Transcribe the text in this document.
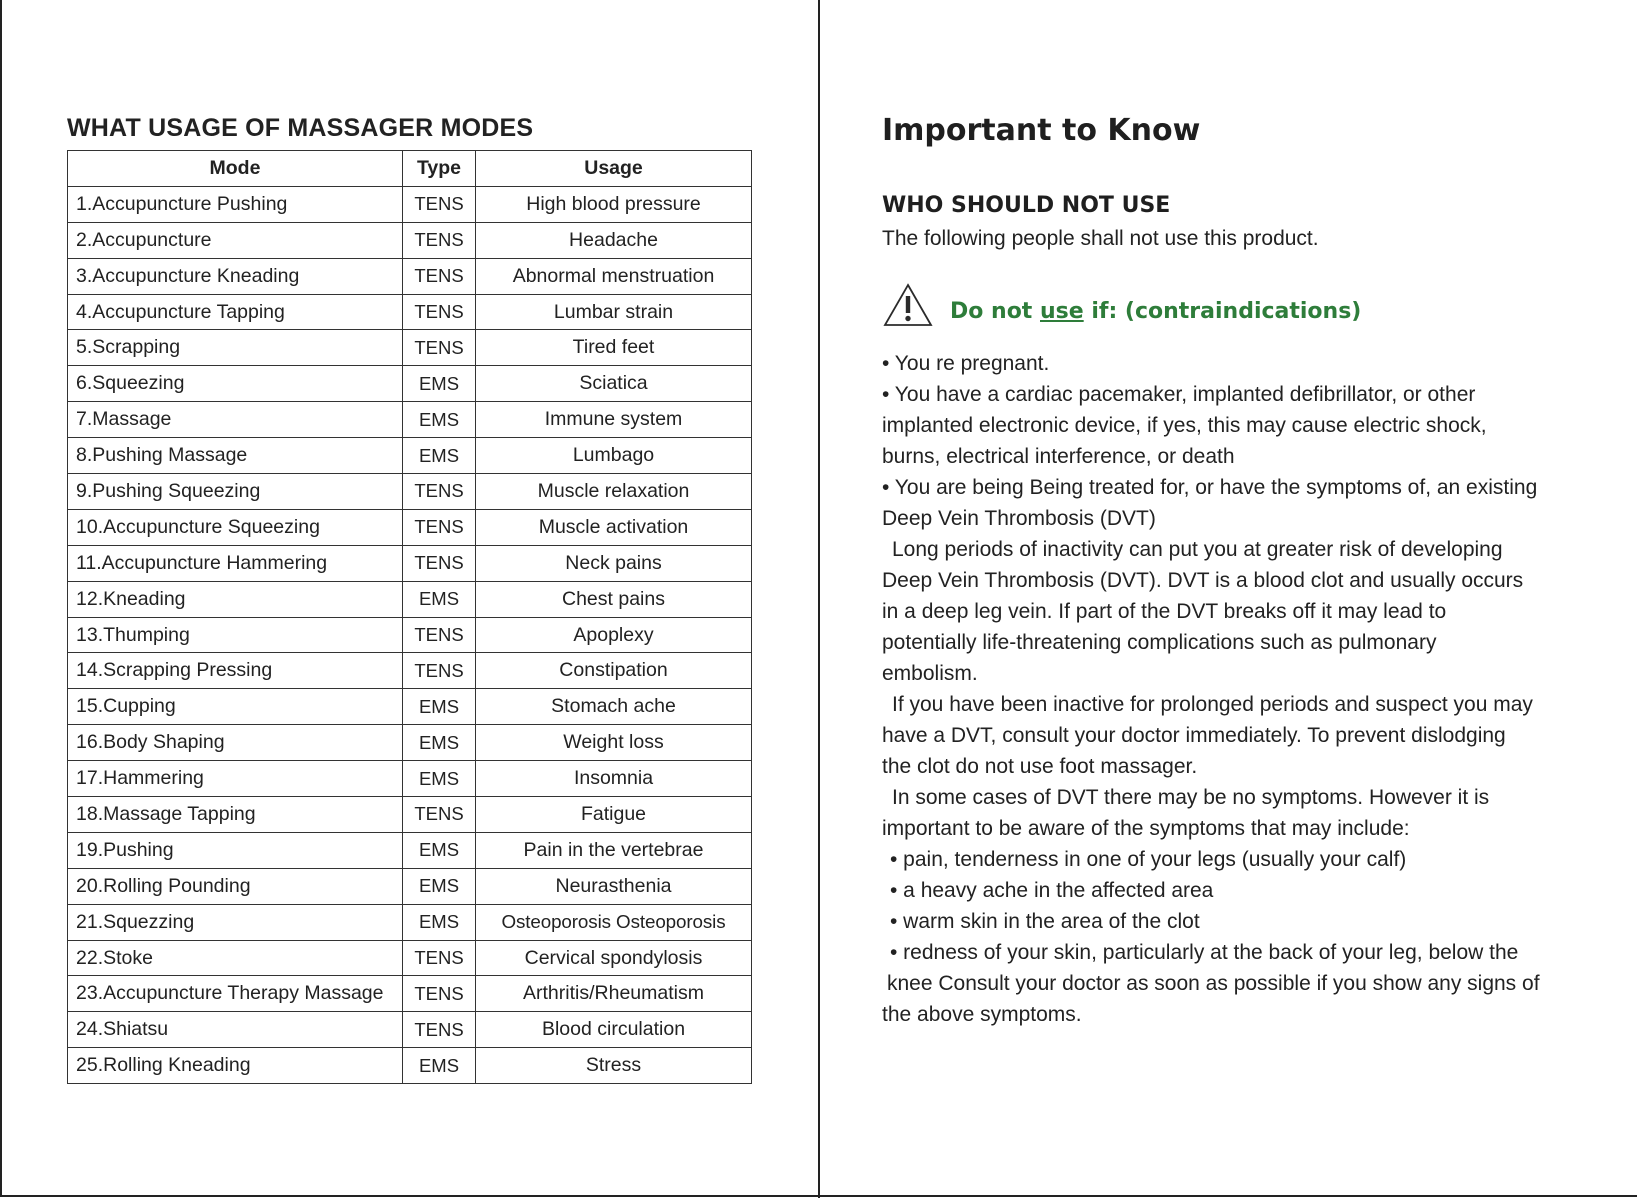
WHAT USAGE OF MASSAGER MODES
Mode	Type	Usage
1.Accupuncture Pushing	TENS	High blood pressure
2.Accupuncture	TENS	Headache
3.Accupuncture Kneading	TENS	Abnormal menstruation
4.Accupuncture Tapping	TENS	Lumbar strain
5.Scrapping	TENS	Tired feet
6.Squeezing	EMS	Sciatica
7.Massage	EMS	Immune system
8.Pushing Massage	EMS	Lumbago
9.Pushing Squeezing	TENS	Muscle relaxation
10.Accupuncture Squeezing	TENS	Muscle activation
11.Accupuncture Hammering	TENS	Neck pains
12.Kneading	EMS	Chest pains
13.Thumping	TENS	Apoplexy
14.Scrapping Pressing	TENS	Constipation
15.Cupping	EMS	Stomach ache
16.Body Shaping	EMS	Weight loss
17.Hammering	EMS	Insomnia
18.Massage Tapping	TENS	Fatigue
19.Pushing	EMS	Pain in the vertebrae
20.Rolling Pounding	EMS	Neurasthenia
21.Squezzing	EMS	Osteoporosis Osteoporosis
22.Stoke	TENS	Cervical spondylosis
23.Accupuncture Therapy Massage	TENS	Arthritis/Rheumatism
24.Shiatsu	TENS	Blood circulation
25.Rolling Kneading	EMS	Stress
Important to Know
WHO SHOULD NOT USE
The following people shall not use this product.
Do not use if: (contraindications)

• You re pregnant.

• You have a cardiac pacemaker, implanted defibrillator, or other

implanted electronic device, if yes, this may cause electric shock,

burns, electrical interference, or death

• You are being Being treated for, or have the symptoms of, an existing

Deep Vein Thrombosis (DVT)

Long periods of inactivity can put you at greater risk of developing

Deep Vein Thrombosis (DVT). DVT is a blood clot and usually occurs

in a deep leg vein. If part of the DVT breaks off it may lead to

potentially life-threatening complications such as pulmonary

embolism.

If you have been inactive for prolonged periods and suspect you may

have a DVT, consult your doctor immediately. To prevent dislodging

the clot do not use foot massager.

In some cases of DVT there may be no symptoms. However it is

important to be aware of the symptoms that may include:

• pain, tenderness in one of your legs (usually your calf)

• a heavy ache in the affected area

• warm skin in the area of the clot

• redness of your skin, particularly at the back of your leg, below the

knee Consult your doctor as soon as possible if you show any signs of

the above symptoms.
